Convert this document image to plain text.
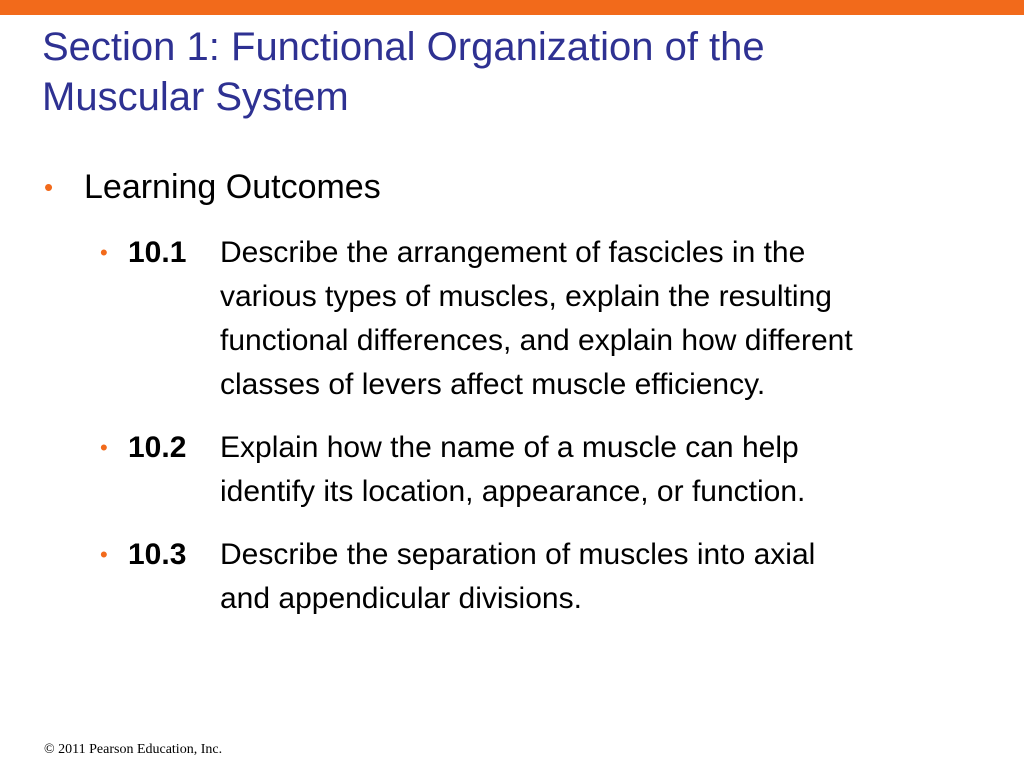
Section 1: Functional Organization of the
Muscular System
• Learning Outcomes
• 10.1 Describe the arrangement of fascicles in the
various types of muscles, explain the resulting
functional differences, and explain how different
classes of levers affect muscle efficiency.
• 10.2 Explain how the name of a muscle can help
identify its location, appearance, or function.
• 10.3 Describe the separation of muscles into axial
and appendicular divisions.
© 2011 Pearson Education, Inc.
